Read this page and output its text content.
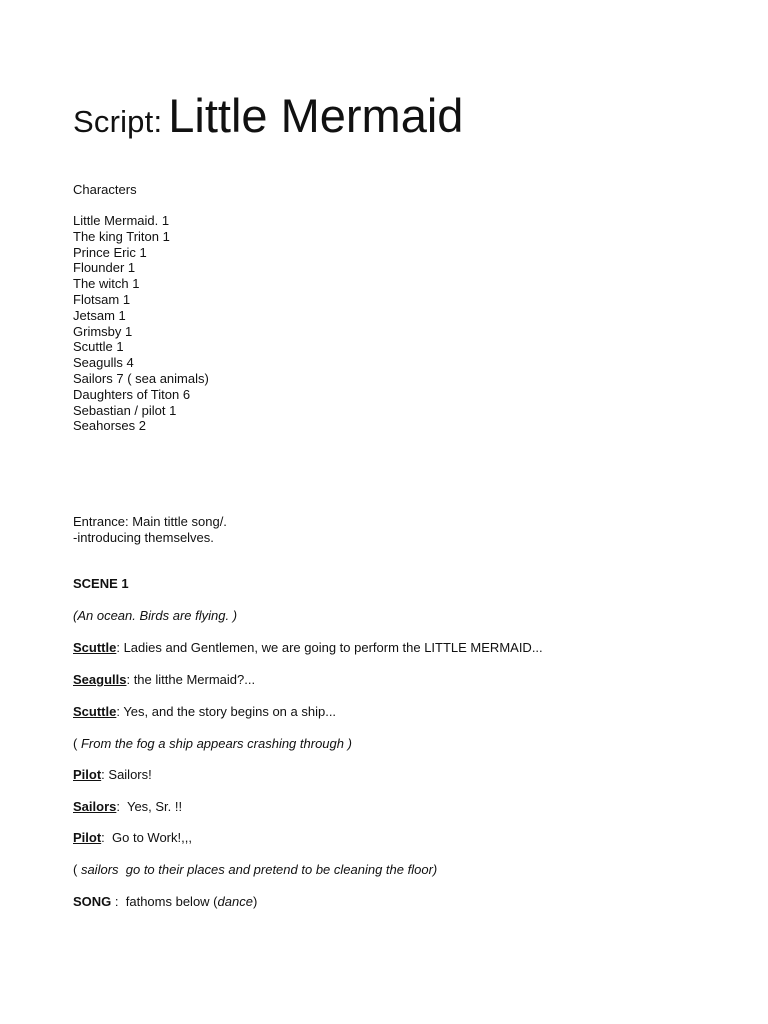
Script: Little Mermaid
Characters
Little Mermaid. 1
The king Triton 1
Prince Eric 1
Flounder 1
The witch 1
Flotsam 1
Jetsam 1
Grimsby 1
Scuttle 1
Seagulls 4
Sailors 7 ( sea animals)
Daughters of Titon 6
Sebastian / pilot 1
Seahorses 2
Entrance: Main tittle song/.
-introducing themselves.
SCENE 1
(An ocean. Birds are flying. )
Scuttle: Ladies and Gentlemen, we are going to perform the LITTLE MERMAID...
Seagulls: the litthe Mermaid?...
Scuttle: Yes, and the story begins on a ship...
( From the fog a ship appears crashing through )
Pilot: Sailors!
Sailors:  Yes, Sr. !!
Pilot:  Go to Work!,,,
( sailors  go to their places and pretend to be cleaning the floor)
SONG :  fathoms below (dance)
